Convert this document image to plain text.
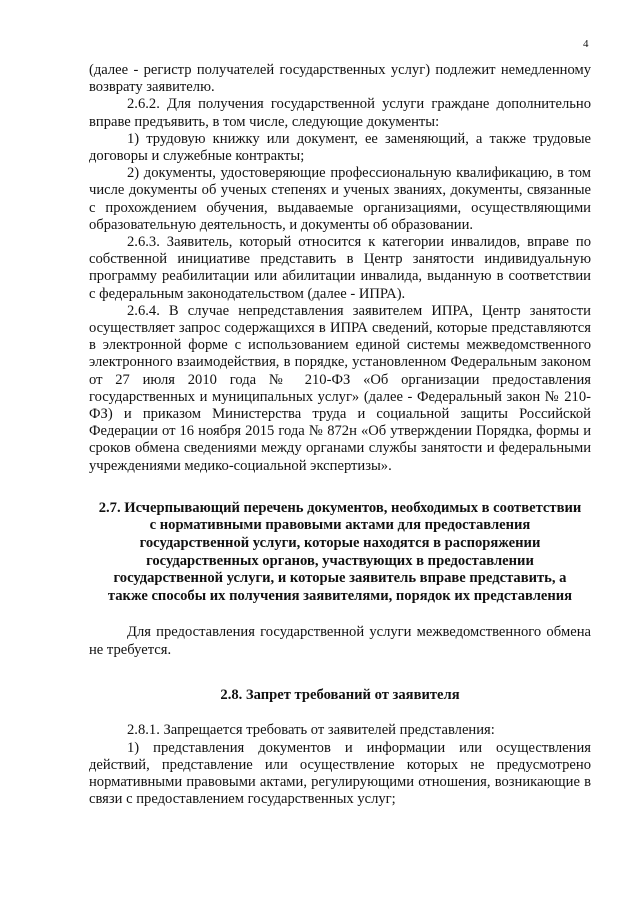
4

(далее - регистр получателей государственных услуг) подлежит немедленному возврату заявителю.

2.6.2. Для получения государственной услуги граждане дополнительно вправе предъявить, в том числе, следующие документы:

1) трудовую книжку или документ, ее заменяющий, а также трудовые договоры и служебные контракты;

2) документы, удостоверяющие профессиональную квалификацию, в том числе документы об ученых степенях и ученых званиях, документы, связанные с прохождением обучения, выдаваемые организациями, осуществляющими образовательную деятельность, и документы об образовании.

2.6.3. Заявитель, который относится к категории инвалидов, вправе по собственной инициативе представить в Центр занятости индивидуальную программу реабилитации или абилитации инвалида, выданную в соответствии с федеральным законодательством (далее - ИПРА).

2.6.4. В случае непредставления заявителем ИПРА, Центр занятости осуществляет запрос содержащихся в ИПРА сведений, которые представляются в электронной форме с использованием единой системы межведомственного электронного взаимодействия, в порядке, установленном Федеральным законом от 27 июля 2010 года № 210-ФЗ «Об организации предоставления государственных и муниципальных услуг» (далее - Федеральный закон № 210-ФЗ) и приказом Министерства труда и социальной защиты Российской Федерации от 16 ноября 2015 года № 872н «Об утверждении Порядка, формы и сроков обмена сведениями между органами службы занятости и федеральными учреждениями медико-социальной экспертизы».

2.7. Исчерпывающий перечень документов, необходимых в соответствии с нормативными правовыми актами для предоставления государственной услуги, которые находятся в распоряжении государственных органов, участвующих в предоставлении государственной услуги, и которые заявитель вправе представить, а также способы их получения заявителями, порядок их представления

Для предоставления государственной услуги межведомственного обмена не требуется.

2.8. Запрет требований от заявителя

2.8.1. Запрещается требовать от заявителей представления:

1) представления документов и информации или осуществления действий, представление или осуществление которых не предусмотрено нормативными правовыми актами, регулирующими отношения, возникающие в связи с предоставлением государственных услуг;
